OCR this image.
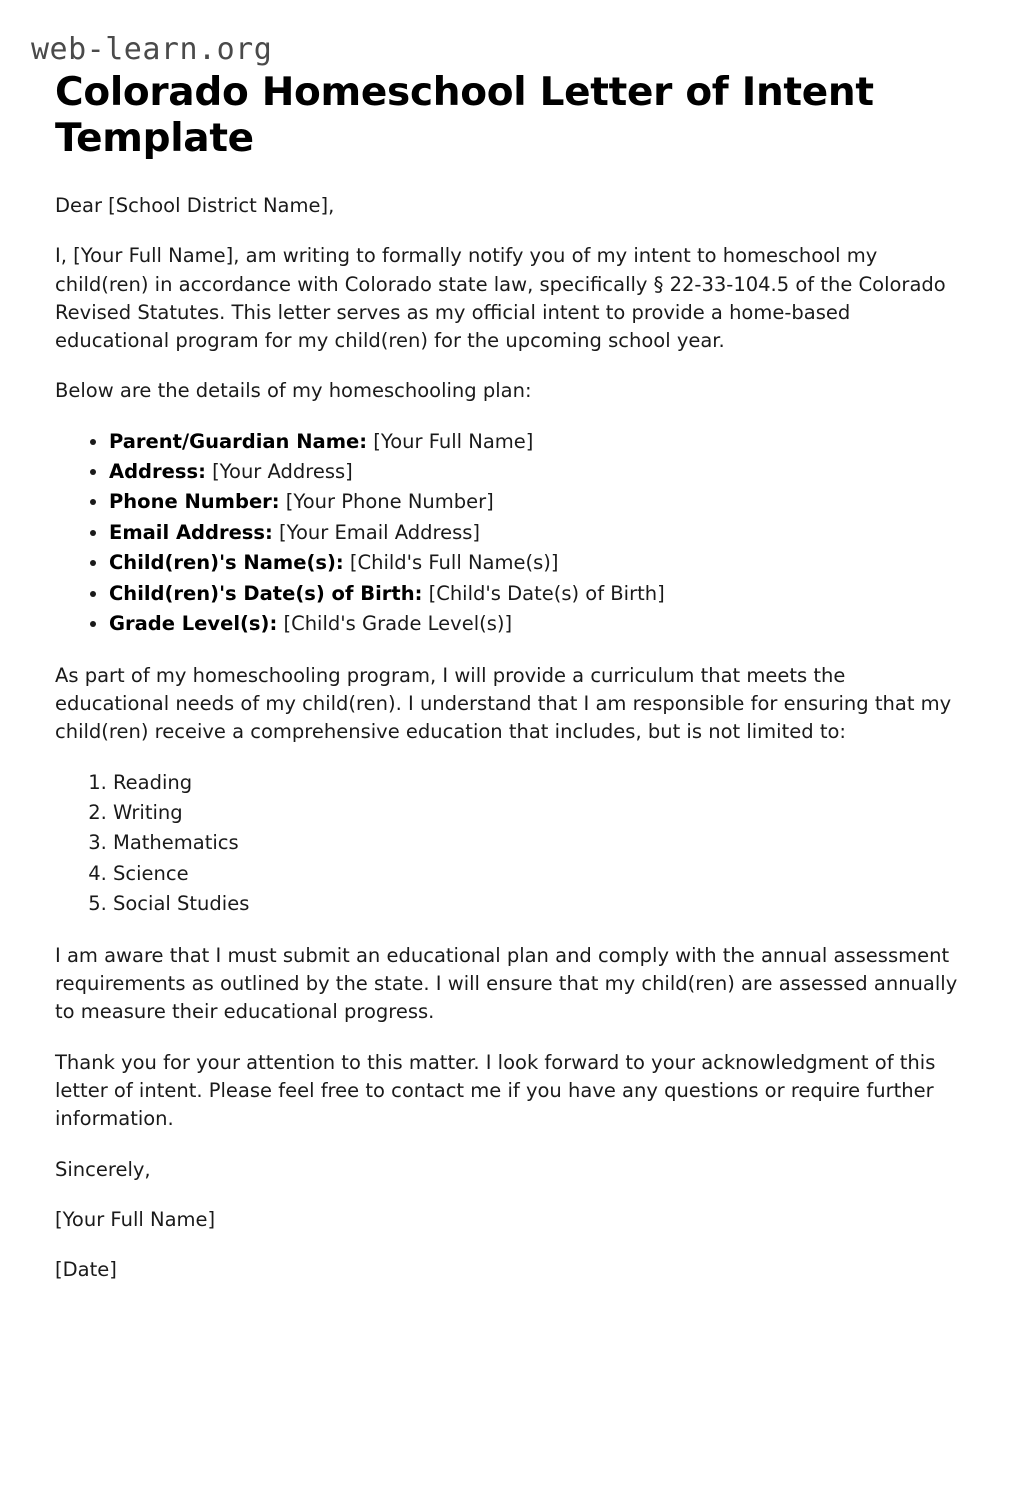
web-learn.org
Colorado Homeschool Letter of Intent Template

Dear [School District Name],

I, [Your Full Name], am writing to formally notify you of my intent to homeschool my child(ren) in accordance with Colorado state law, specifically § 22-33-104.5 of the Colorado Revised Statutes. This letter serves as my official intent to provide a home-based educational program for my child(ren) for the upcoming school year.

Below are the details of my homeschooling plan:

• Parent/Guardian Name: [Your Full Name]
• Address: [Your Address]
• Phone Number: [Your Phone Number]
• Email Address: [Your Email Address]
• Child(ren)'s Name(s): [Child's Full Name(s)]
• Child(ren)'s Date(s) of Birth: [Child's Date(s) of Birth]
• Grade Level(s): [Child's Grade Level(s)]

As part of my homeschooling program, I will provide a curriculum that meets the educational needs of my child(ren). I understand that I am responsible for ensuring that my child(ren) receive a comprehensive education that includes, but is not limited to:

1. Reading
2. Writing
3. Mathematics
4. Science
5. Social Studies

I am aware that I must submit an educational plan and comply with the annual assessment requirements as outlined by the state. I will ensure that my child(ren) are assessed annually to measure their educational progress.

Thank you for your attention to this matter. I look forward to your acknowledgment of this letter of intent. Please feel free to contact me if you have any questions or require further information.

Sincerely,

[Your Full Name]

[Date]
